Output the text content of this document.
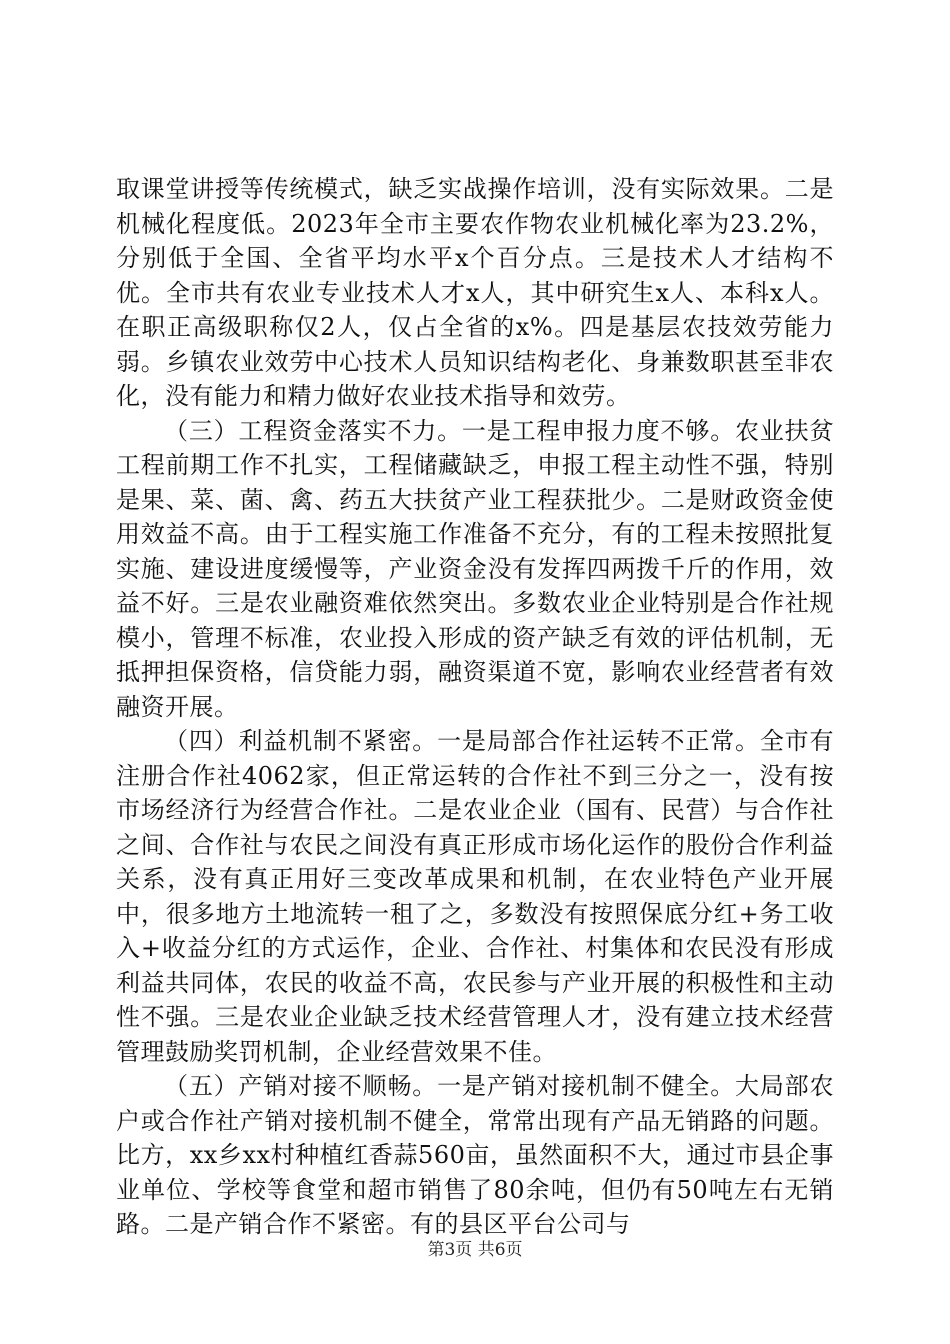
取课堂讲授等传统模式，缺乏实战操作培训，没有实际效果。二是机械化程度低。2023年全市主要农作物农业机械化率为23.2%，分别低于全国、全省平均水平x个百分点。三是技术人才结构不优。全市共有农业专业技术人才x人，其中研究生x人、本科x人。在职正高级职称仅2人，仅占全省的x%。四是基层农技效劳能力弱。乡镇农业效劳中心技术人员知识结构老化、身兼数职甚至非农化，没有能力和精力做好农业技术指导和效劳。

（三）工程资金落实不力。一是工程申报力度不够。农业扶贫工程前期工作不扎实，工程储藏缺乏，申报工程主动性不强，特别是果、菜、菌、禽、药五大扶贫产业工程获批少。二是财政资金使用效益不高。由于工程实施工作准备不充分，有的工程未按照批复实施、建设进度缓慢等，产业资金没有发挥四两拨千斤的作用，效益不好。三是农业融资难依然突出。多数农业企业特别是合作社规模小，管理不标准，农业投入形成的资产缺乏有效的评估机制，无抵押担保资格，信贷能力弱，融资渠道不宽，影响农业经营者有效融资开展。

（四）利益机制不紧密。一是局部合作社运转不正常。全市有注册合作社4062家，但正常运转的合作社不到三分之一，没有按市场经济行为经营合作社。二是农业企业（国有、民营）与合作社之间、合作社与农民之间没有真正形成市场化运作的股份合作利益关系，没有真正用好三变改革成果和机制，在农业特色产业开展中，很多地方土地流转一租了之，多数没有按照保底分红+务工收入+收益分红的方式运作，企业、合作社、村集体和农民没有形成利益共同体，农民的收益不高，农民参与产业开展的积极性和主动性不强。三是农业企业缺乏技术经营管理人才，没有建立技术经营管理鼓励奖罚机制，企业经营效果不佳。

（五）产销对接不顺畅。一是产销对接机制不健全。大局部农户或合作社产销对接机制不健全，常常出现有产品无销路的问题。比方，xx乡xx村种植红香蒜560亩，虽然面积不大，通过市县企事业单位、学校等食堂和超市销售了80余吨，但仍有50吨左右无销路。二是产销合作不紧密。有的县区平台公司与

第3页 共6页
